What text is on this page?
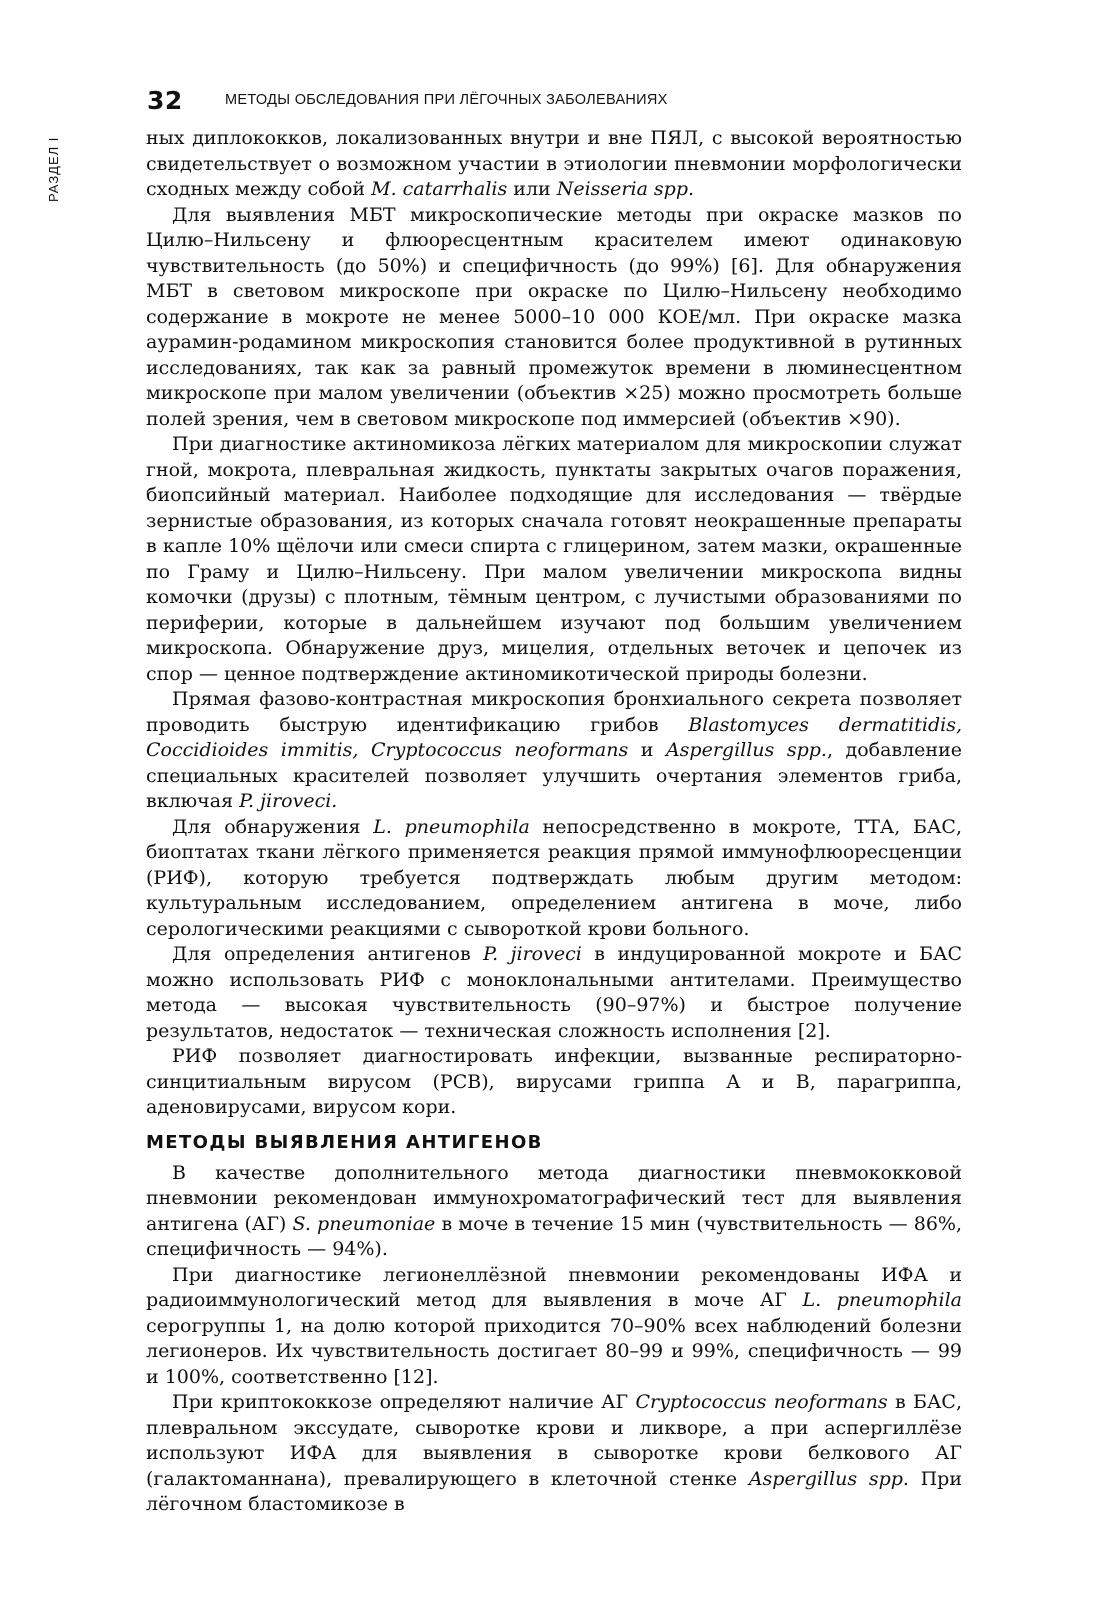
32	МЕТОДЫ ОБСЛЕДОВАНИЯ ПРИ ЛЁГОЧНЫХ ЗАБОЛЕВАНИЯХ
РАЗДЕЛ I	ных диплококков, локализованных внутри и вне ПЯЛ, с высокой вероятностью свидетельствует о возможном участии в этиологии пневмонии морфологически сходных между собой M. catarrhalis или Neisseria spp.

Для выявления МБТ микроскопические методы при окраске мазков по Цилю–Нильсену и флюоресцентным красителем имеют одинаковую чувствительность (до 50%) и специфичность (до 99%) [6]. Для обнаружения МБТ в световом микроскопе при окраске по Цилю–Нильсену необходимо содержание в мокроте не менее 5000–10 000 КОЕ/мл. При окраске мазка аурамин-родамином микроскопия становится более продуктивной в рутинных исследованиях, так как за равный промежуток времени в люминесцентном микроскопе при малом увеличении (объектив ×25) можно просмотреть больше полей зрения, чем в световом микроскопе под иммерсией (объектив ×90).

При диагностике актиномикоза лёгких материалом для микроскопии служат гной, мокрота, плевральная жидкость, пунктаты закрытых очагов поражения, биопсийный материал. Наиболее подходящие для исследования — твёрдые зернистые образования, из которых сначала готовят неокрашенные препараты в капле 10% щёлочи или смеси спирта с глицерином, затем мазки, окрашенные по Граму и Цилю–Нильсену. При малом увеличении микроскопа видны комочки (друзы) с плотным, тёмным центром, с лучистыми образованиями по периферии, которые в дальнейшем изучают под большим увеличением микроскопа. Обнаружение друз, мицелия, отдельных веточек и цепочек из спор — ценное подтверждение актиномикотической природы болезни.

Прямая фазово-контрастная микроскопия бронхиального секрета позволяет проводить быструю идентификацию грибов Blastomyces dermatitidis, Coccidioides immitis, Cryptococcus neoformans и Aspergillus spp., добавление специальных красителей позволяет улучшить очертания элементов гриба, включая P. jiroveci.

Для обнаружения L. pneumophila непосредственно в мокроте, ТТА, БАС, биоптатах ткани лёгкого применяется реакция прямой иммунофлюоресценции (РИФ), которую требуется подтверждать любым другим методом: культуральным исследованием, определением антигена в моче, либо серологическими реакциями с сывороткой крови больного.

Для определения антигенов P. jiroveci в индуцированной мокроте и БАС можно использовать РИФ с моноклональными антителами. Преимущество метода — высокая чувствительность (90–97%) и быстрое получение результатов, недостаток — техническая сложность исполнения [2].

РИФ позволяет диагностировать инфекции, вызванные респираторно-синцитиальным вирусом (РСВ), вирусами гриппа А и В, парагриппа, аденовирусами, вирусом кори.

МЕТОДЫ ВЫЯВЛЕНИЯ АНТИГЕНОВ

В качестве дополнительного метода диагностики пневмококковой пневмонии рекомендован иммунохроматографический тест для выявления антигена (АГ) S. pneumoniae в моче в течение 15 мин (чувствительность — 86%, специфичность — 94%).

При диагностике легионеллёзной пневмонии рекомендованы ИФА и радиоиммунологический метод для выявления в моче АГ L. pneumophila серогруппы 1, на долю которой приходится 70–90% всех наблюдений болезни легионеров. Их чувствительность достигает 80–99 и 99%, специфичность — 99 и 100%, соответственно [12].

При криптококкозе определяют наличие АГ Cryptococcus neoformans в БАС, плевральном экссудате, сыворотке крови и ликворе, а при аспергиллёзе используют ИФА для выявления в сыворотке крови белкового АГ (галактоманнана), превалирующего в клеточной стенке Aspergillus spp. При лёгочном бластомикозе в
